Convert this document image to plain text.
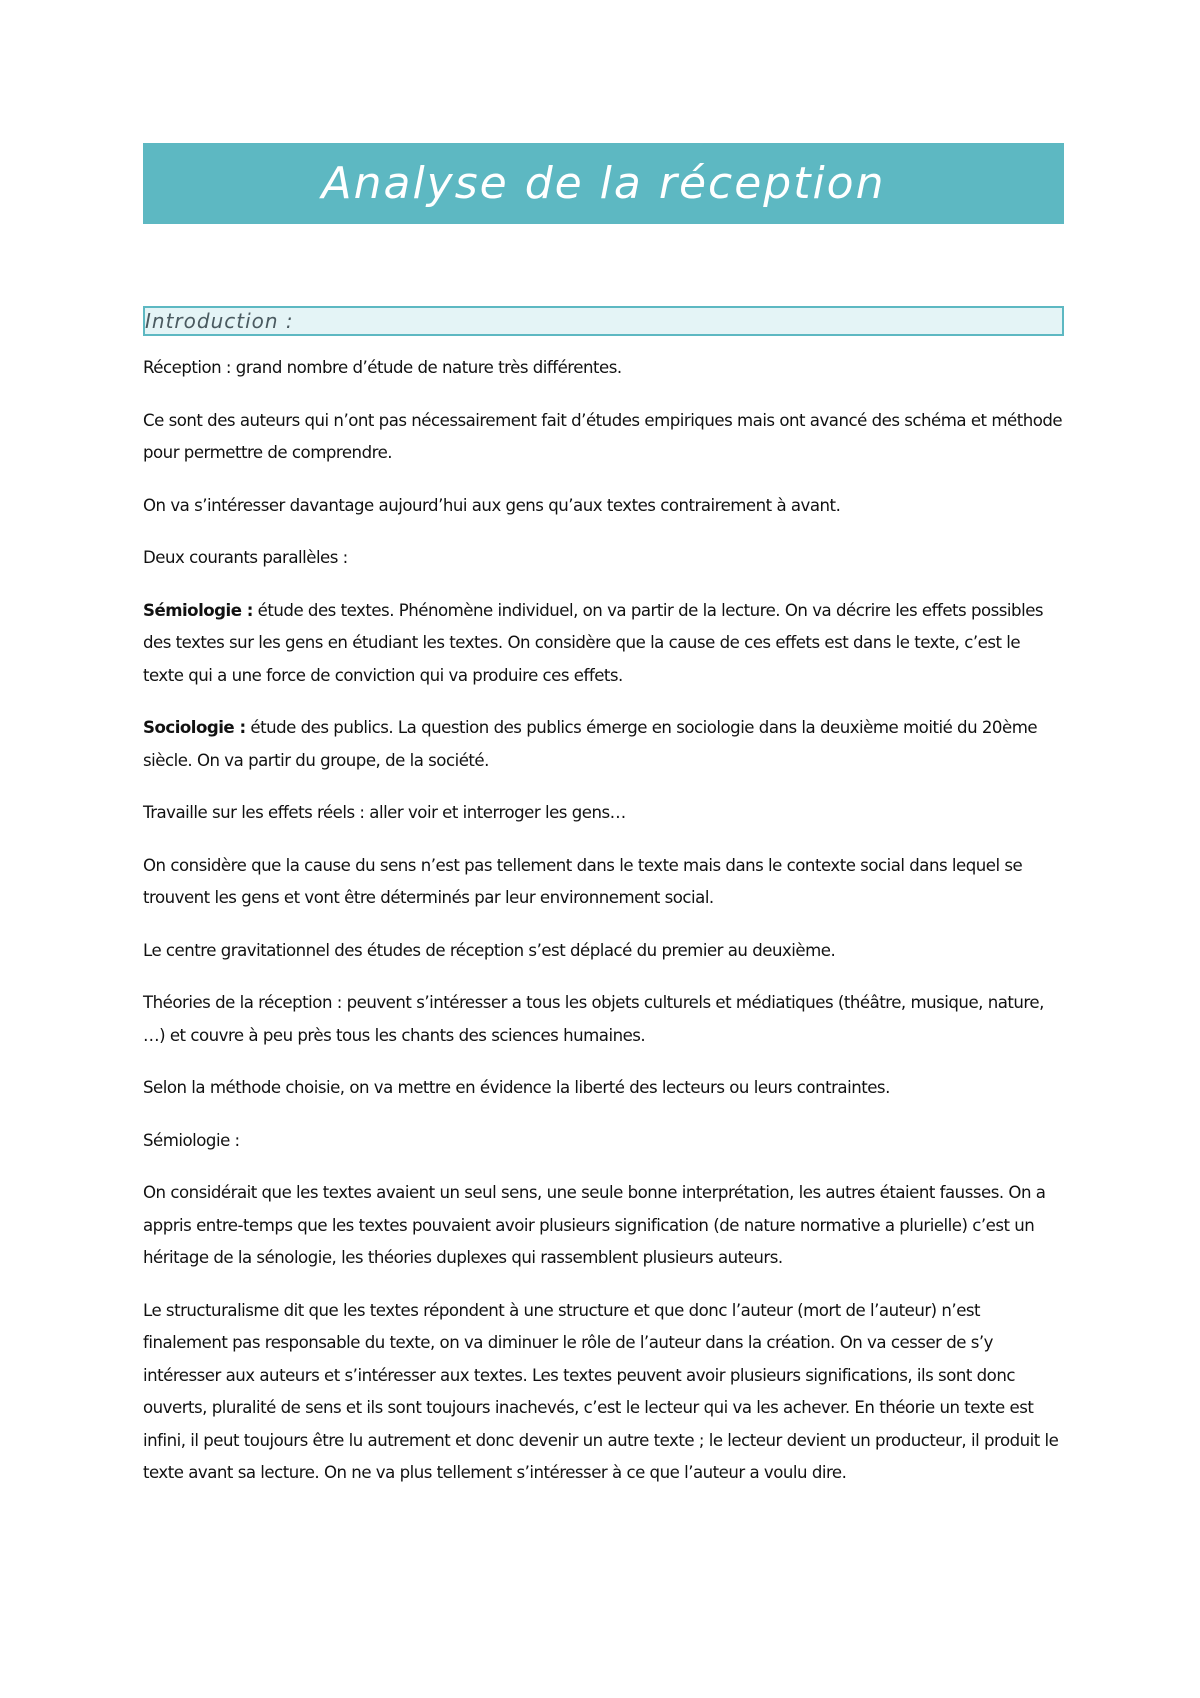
Analyse de la réception
Introduction :

Réception : grand nombre d’étude de nature très différentes.

Ce sont des auteurs qui n’ont pas nécessairement fait d’études empiriques mais ont avancé des schéma et méthode pour permettre de comprendre.

On va s’intéresser davantage aujourd’hui aux gens qu’aux textes contrairement à avant.

Deux courants parallèles :

Sémiologie : étude des textes. Phénomène individuel, on va partir de la lecture. On va décrire les effets possibles des textes sur les gens en étudiant les textes. On considère que la cause de ces effets est dans le texte, c’est le texte qui a une force de conviction qui va produire ces effets.

Sociologie : étude des publics. La question des publics émerge en sociologie dans la deuxième moitié du 20ème siècle. On va partir du groupe, de la société.

Travaille sur les effets réels : aller voir et interroger les gens…

On considère que la cause du sens n’est pas tellement dans le texte mais dans le contexte social dans lequel se trouvent les gens et vont être déterminés par leur environnement social.

Le centre gravitationnel des études de réception s’est déplacé du premier au deuxième.

Théories de la réception : peuvent s’intéresser a tous les objets culturels et médiatiques (théâtre, musique, nature, …) et couvre à peu près tous les chants des sciences humaines.

Selon la méthode choisie, on va mettre en évidence la liberté des lecteurs ou leurs contraintes.

Sémiologie :

On considérait que les textes avaient un seul sens, une seule bonne interprétation, les autres étaient fausses. On a appris entre-temps que les textes pouvaient avoir plusieurs signification (de nature normative a plurielle) c’est un héritage de la sénologie, les théories duplexes qui rassemblent plusieurs auteurs.

Le structuralisme dit que les textes répondent à une structure et que donc l’auteur (mort de l’auteur) n’est finalement pas responsable du texte, on va diminuer le rôle de l’auteur dans la création. On va cesser de s’y intéresser aux auteurs et s’intéresser aux textes. Les textes peuvent avoir plusieurs significations, ils sont donc ouverts, pluralité de sens et ils sont toujours inachevés, c’est le lecteur qui va les achever. En théorie un texte est infini, il peut toujours être lu autrement et donc devenir un autre texte ; le lecteur devient un producteur, il produit le texte avant sa lecture. On ne va plus tellement s’intéresser à ce que l’auteur a voulu dire.
